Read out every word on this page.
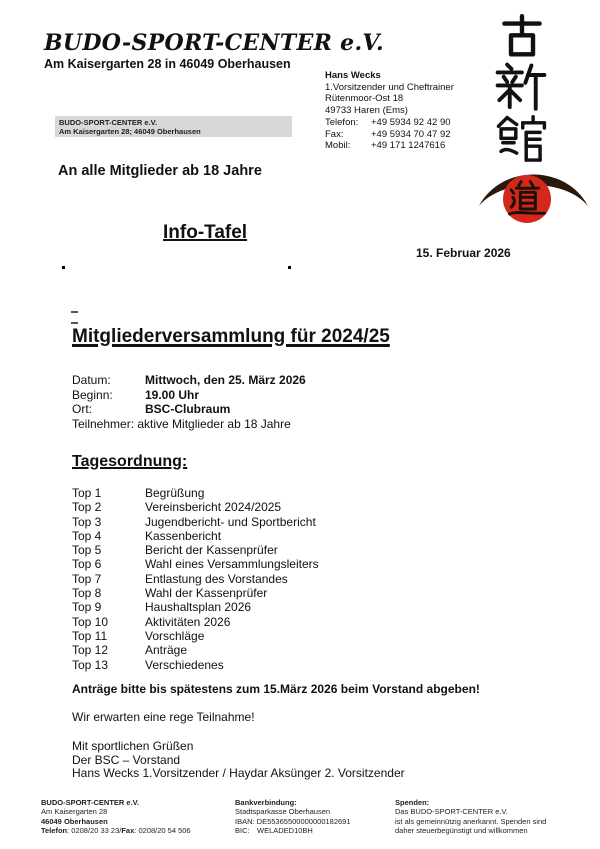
BUDO-SPORT-CENTER e.V.
Am Kaisergarten 28 in 46049 Oberhausen
BUDO-SPORT-CENTER e.V.
Am Kaisergarten 28; 46049 Oberhausen
Hans Wecks
1.Vorsitzender und Cheftrainer
Rütenmoor-Ost 18
49733 Haren (Ems)
Telefon: +49 5934 92 42 90
Fax:	+49 5934 70 47 92
Mobil: +49 171 1247616
An alle Mitglieder ab 18 Jahre
Info-Tafel
15. Februar 2026
Mitgliederversammlung für 2024/25
Datum:	Mittwoch, den 25. März 2026
Beginn:	19.00 Uhr
Ort:	BSC-Clubraum
Teilnehmer: aktive Mitglieder ab 18 Jahre
Tagesordnung:
Top 1	Begrüßung
Top 2	Vereinsbericht 2024/2025
Top 3	Jugendbericht- und Sportbericht
Top 4	Kassenbericht
Top 5	Bericht der Kassenprüfer
Top 6	Wahl eines Versammlungsleiters
Top 7	Entlastung des Vorstandes
Top 8	Wahl der Kassenprüfer
Top 9	Haushaltsplan 2026
Top 10	Aktivitäten 2026
Top 11	Vorschläge
Top 12	Anträge
Top 13	Verschiedenes
Anträge bitte bis spätestens zum 15.März 2026 beim Vorstand abgeben!
Wir erwarten eine rege Teilnahme!
Mit sportlichen Grüßen
Der BSC – Vorstand
Hans Wecks 1.Vorsitzender / Haydar Aksünger 2. Vorsitzender
BUDO-SPORT-CENTER e.V.
Am Kaisergarten 28
46049 Oberhausen
Telefon: 0208/20 33 23/Fax: 0208/20 54 506
Bankverbindung:
Stadtsparkasse Oberhausen
IBAN: DE55365500000000182691
BIC: WELADED10BH
Spenden:
Das BUDO-SPORT-CENTER e.V.
ist als gemeinnützig anerkannt. Spenden sind
daher steuerbegünstigt und willkommen
